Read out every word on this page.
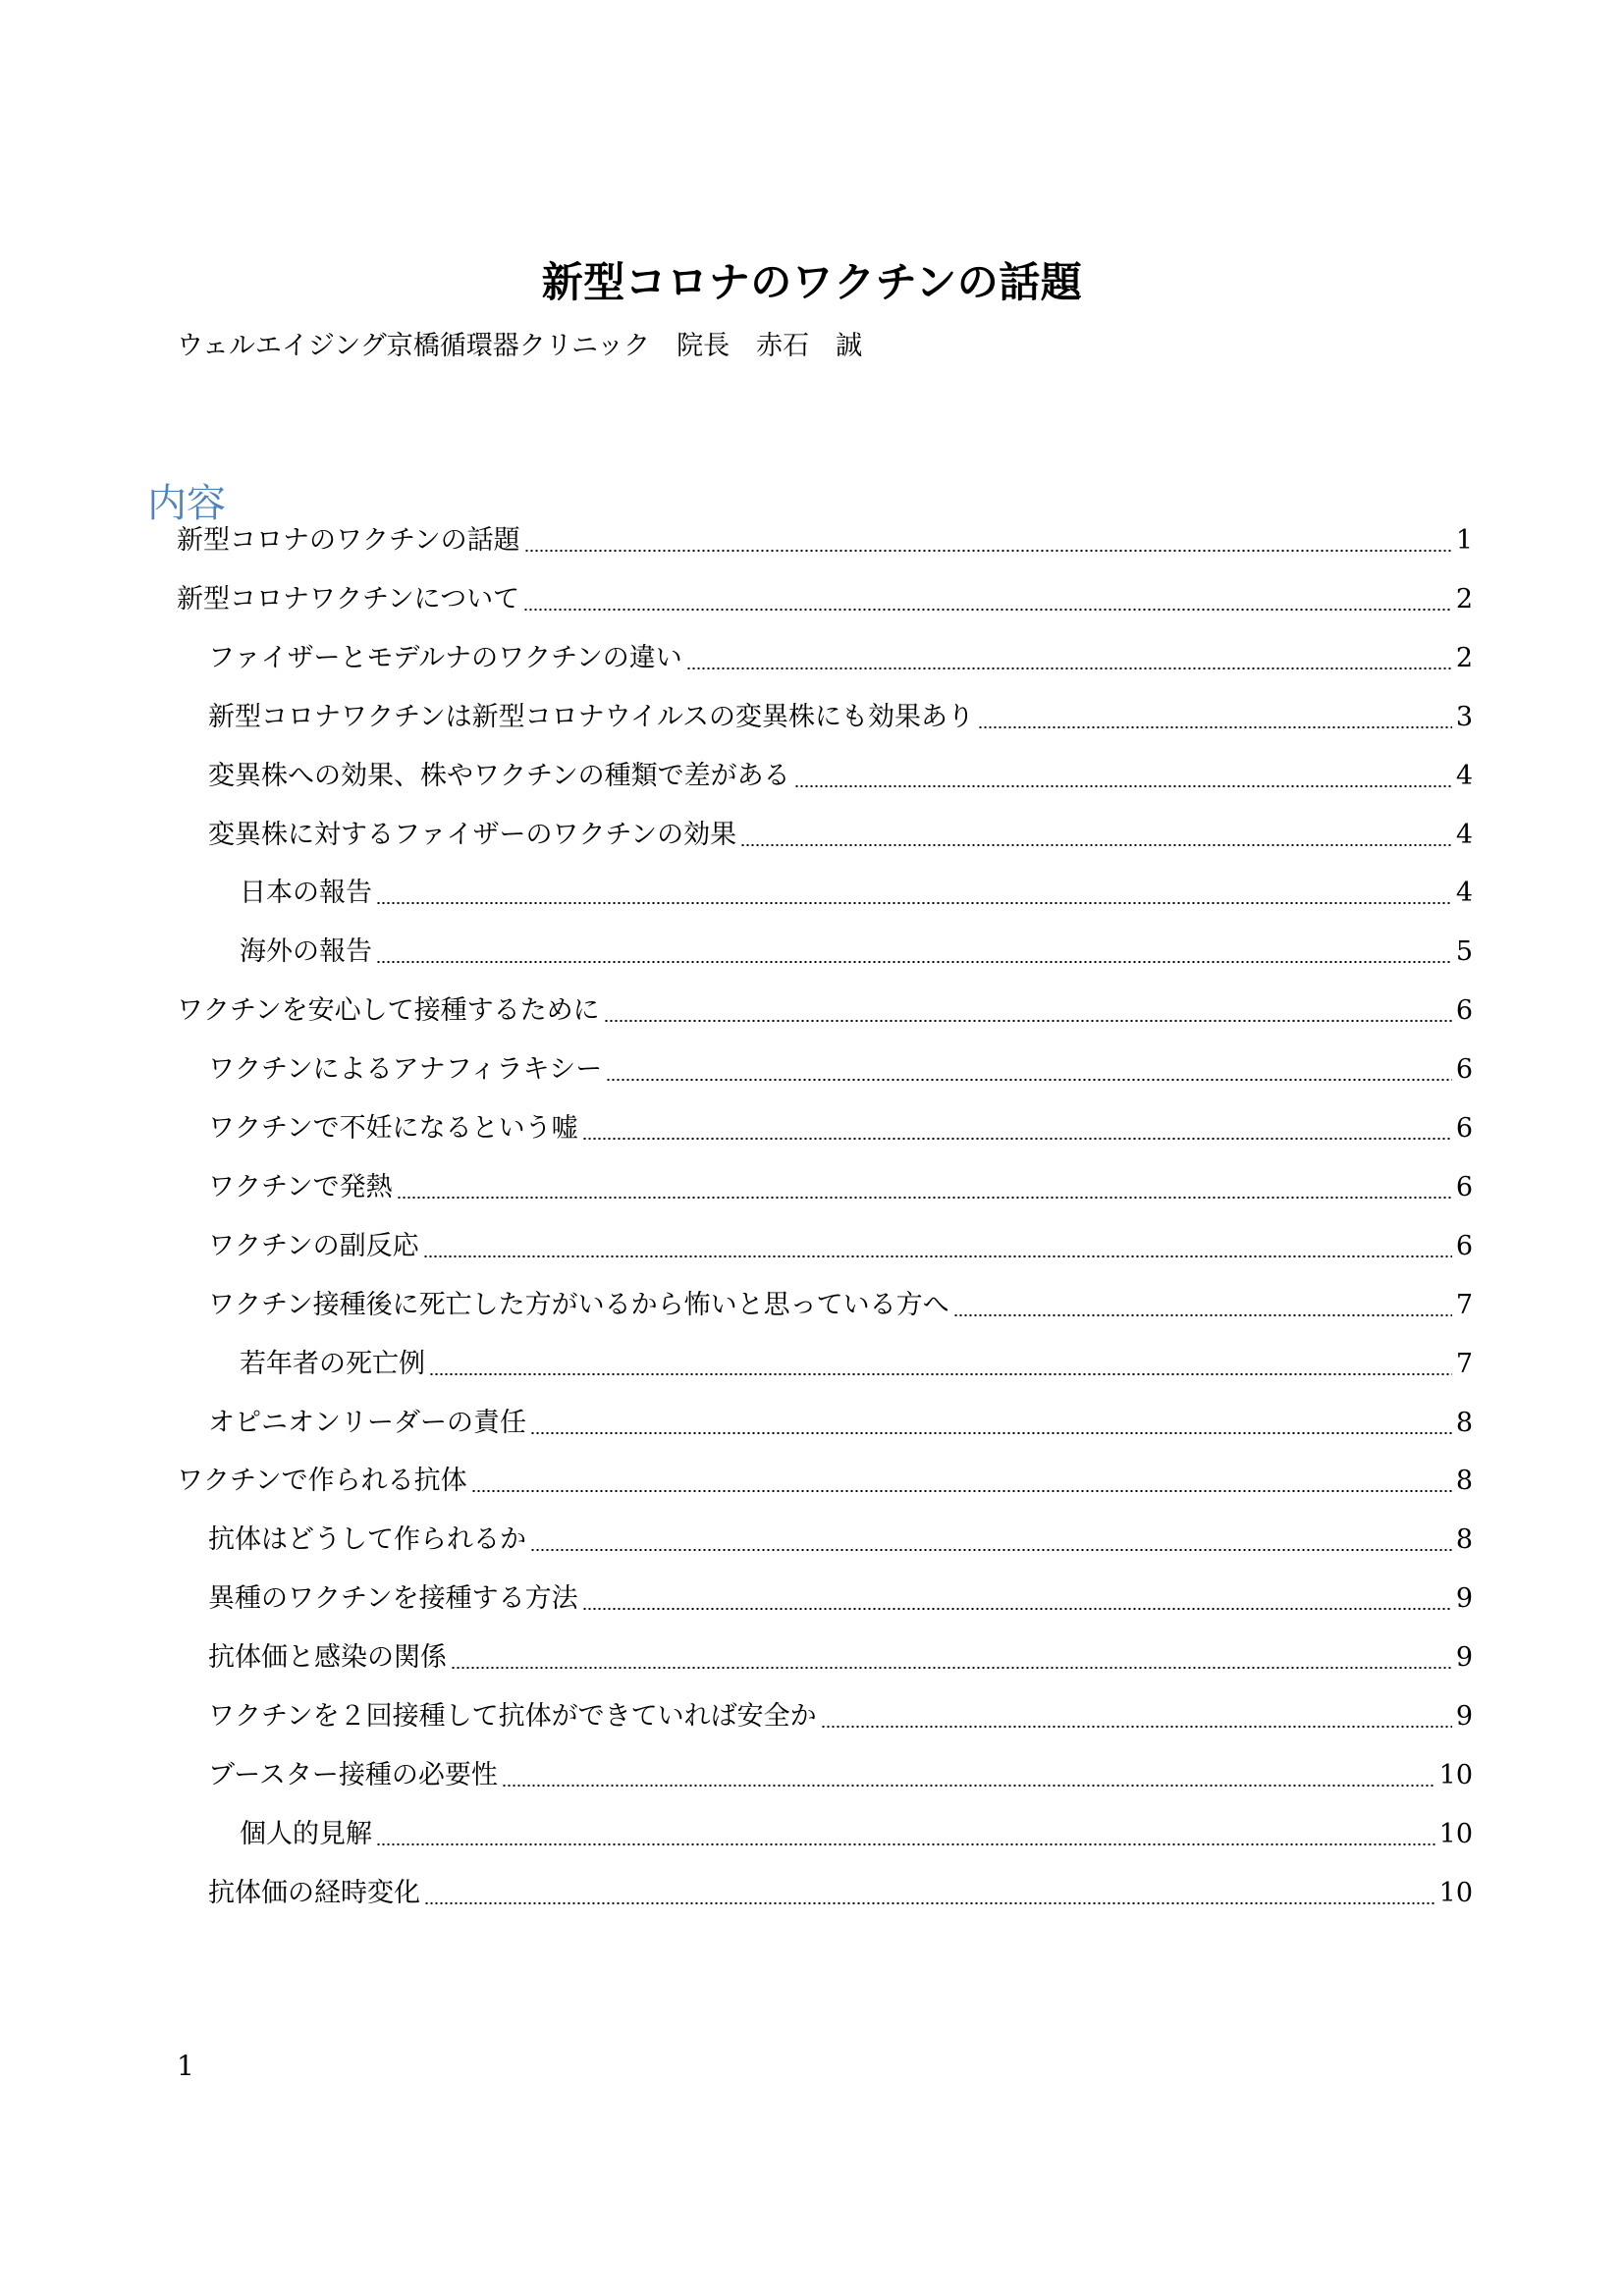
新型コロナのワクチンの話題
ウェルエイジング京橋循環器クリニック　院長　赤石　誠
内容
新型コロナのワクチンの話題	1
新型コロナワクチンについて	2
ファイザーとモデルナのワクチンの違い	2
新型コロナワクチンは新型コロナウイルスの変異株にも効果あり	3
変異株への効果、株やワクチンの種類で差がある	4
変異株に対するファイザーのワクチンの効果	4
日本の報告	4
海外の報告	5
ワクチンを安心して接種するために	6
ワクチンによるアナフィラキシー	6
ワクチンで不妊になるという嘘	6
ワクチンで発熱	6
ワクチンの副反応	6
ワクチン接種後に死亡した方がいるから怖いと思っている方へ	7
若年者の死亡例	7
オピニオンリーダーの責任	8
ワクチンで作られる抗体	8
抗体はどうして作られるか	8
異種のワクチンを接種する方法	9
抗体価と感染の関係	9
ワクチンを２回接種して抗体ができていれば安全か	9
ブースター接種の必要性	10
個人的見解	10
抗体価の経時変化	10
1
